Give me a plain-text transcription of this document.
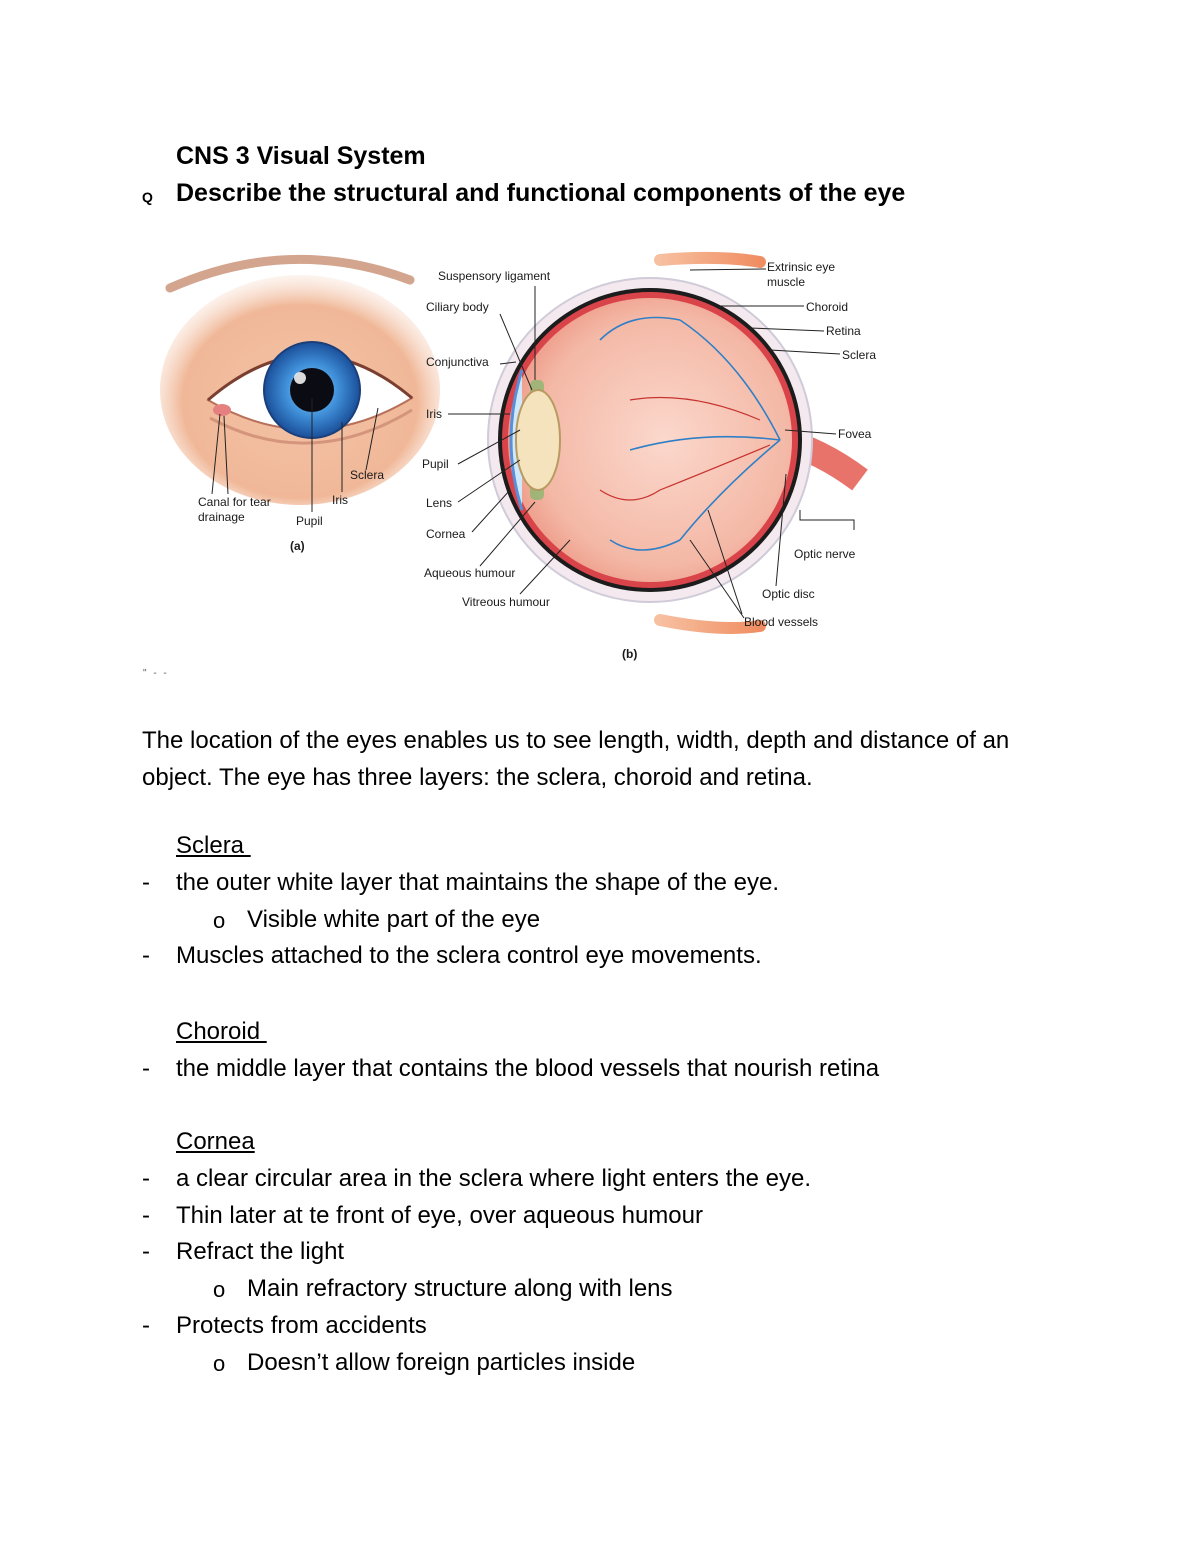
CNS 3 Visual System
Q Describe the structural and functional components of the eye
Canal for tear
drainage	Pupil
Iris
Sclera
(a)
Suspensory ligament
Ciliary body
Conjunctiva
Iris
Pupil
Lens
Cornea
Aqueous humour
Vitreous humour
Extrinsic eye
muscle
Choroid
Retina
Sclera
Fovea
Optic nerve
Optic disc
Blood vessels
(b)
" - -
The location of the eyes enables us to see length, width, depth and distance of an object. The eye has three layers: the sclera, choroid and retina.
Sclera
- the outer white layer that maintains the shape of the eye.
o Visible white part of the eye
- Muscles attached to the sclera control eye movements.
Choroid
- the middle layer that contains the blood vessels that nourish retina
Cornea
- a clear circular area in the sclera where light enters the eye.
- Thin later at te front of eye, over aqueous humour
- Refract the light
o Main refractory structure along with lens
- Protects from accidents
o Doesn’t allow foreign particles inside
